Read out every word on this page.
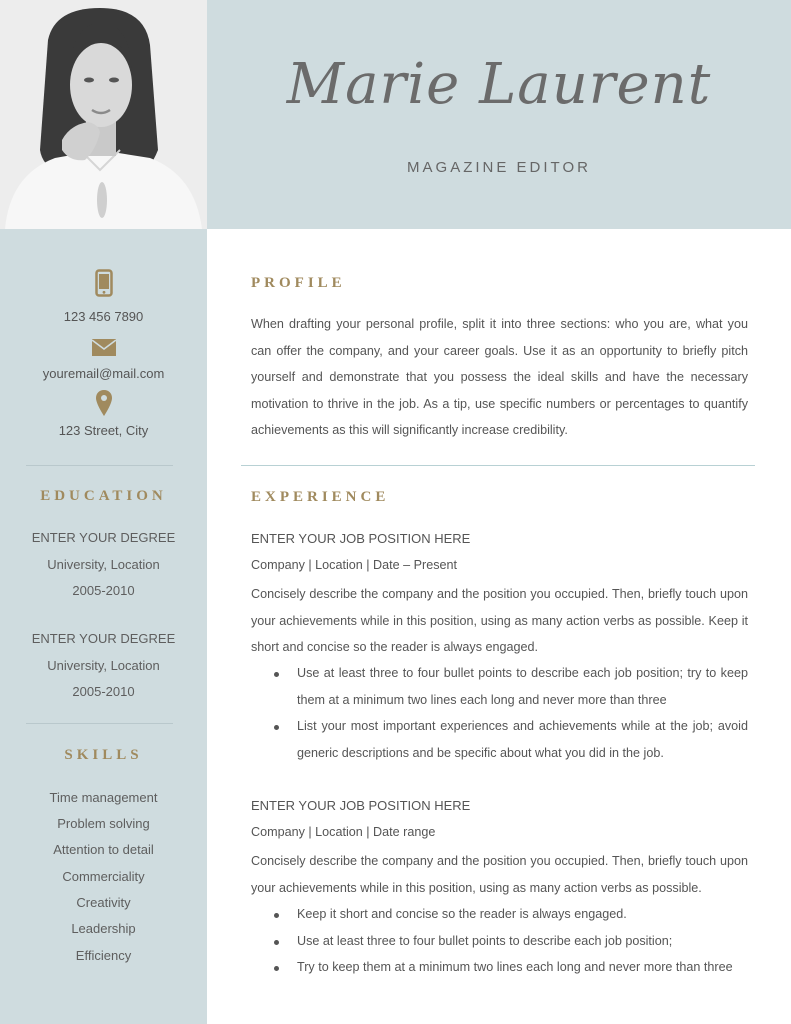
Marie Laurent
MAGAZINE EDITOR
123 456 7890
youremail@mail.com
123 Street, City
EDUCATION
ENTER YOUR DEGREE
University, Location
2005-2010
ENTER YOUR DEGREE
University, Location
2005-2010
SKILLS
Time management
Problem solving
Attention to detail
Commerciality
Creativity
Leadership
Efficiency
PROFILE
When drafting your personal profile, split it into three sections: who you are, what you can offer the company, and your career goals. Use it as an opportunity to briefly pitch yourself and demonstrate that you possess the ideal skills and have the necessary motivation to thrive in the job. As a tip, use specific numbers or percentages to quantify achievements as this will significantly increase credibility.
EXPERIENCE
ENTER YOUR JOB POSITION HERE
Company | Location | Date – Present
Concisely describe the company and the position you occupied. Then, briefly touch upon your achievements while in this position, using as many action verbs as possible. Keep it short and concise so the reader is always engaged.
Use at least three to four bullet points to describe each job position; try to keep them at a minimum two lines each long and never more than three
List your most important experiences and achievements while at the job; avoid generic descriptions and be specific about what you did in the job.
ENTER YOUR JOB POSITION HERE
Company | Location | Date range
Concisely describe the company and the position you occupied. Then, briefly touch upon your achievements while in this position, using as many action verbs as possible.
Keep it short and concise so the reader is always engaged.
Use at least three to four bullet points to describe each job position;
Try to keep them at a minimum two lines each long and never more than three
